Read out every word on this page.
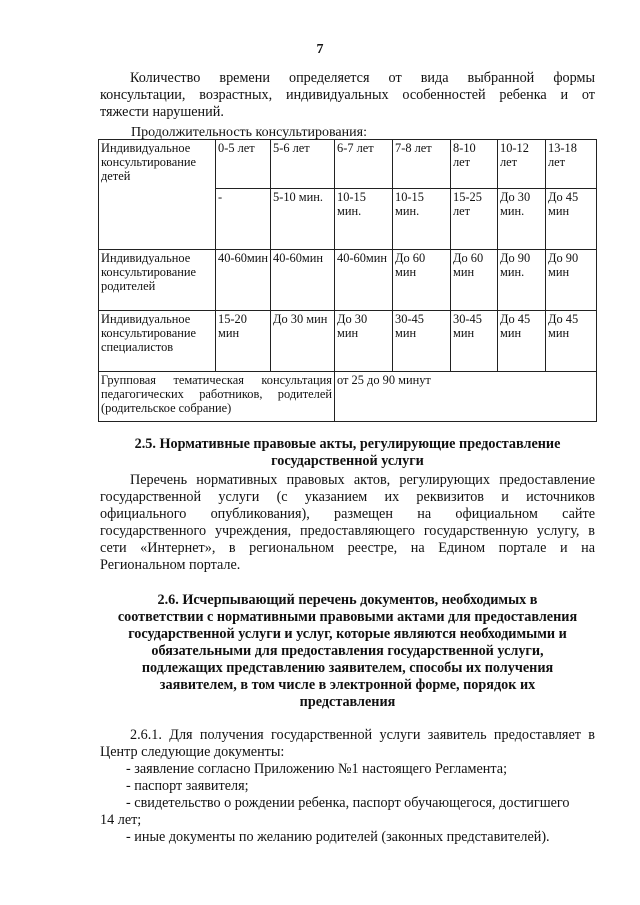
7
Количество времени определяется от вида выбранной формы
консультации, возрастных, индивидуальных особенностей ребенка и от
тяжести нарушений.
Продолжительность консультирования:
Индивидуальное консультирование детей	0-5 лет	5-6 лет	6-7 лет	7-8 лет	8-10 лет	10-12 лет	13-18 лет
	-	5-10 мин.	10-15 мин.	10-15 мин.	15-25 лет	До 30 мин.	До 45 мин
Индивидуальное консультирование родителей	40-60мин	40-60мин	40-60мин	До 60 мин	До 60 мин	До 90 мин.	До 90 мин
Индивидуальное консультирование специалистов	15-20 мин	До 30 мин	До 30 мин	30-45 мин	30-45 мин	До 45 мин	До 45 мин

Групповая тематическая консультация
педагогических работников, родителей
(родительское собрание)			от 25 до 90 минут				
2.5. Нормативные правовые акты, регулирующие предоставление
государственной услуги
Перечень нормативных правовых актов, регулирующих предоставление
государственной услуги (с указанием их реквизитов и источников
официального опубликования), размещен на официальном сайте
государственного учреждения, предоставляющего государственную услугу, в
сети «Интернет», в региональном реестре, на Едином портале и на
Региональном портале.
2.6. Исчерпывающий перечень документов, необходимых в
соответствии с нормативными правовыми актами для предоставления
государственной услуги и услуг, которые являются необходимыми и
обязательными для предоставления государственной услуги,
подлежащих представлению заявителем, способы их получения
заявителем, в том числе в электронной форме, порядок их
представления
2.6.1. Для получения государственной услуги заявитель предоставляет в
Центр следующие документы:
- заявление согласно Приложению №1 настоящего Регламента;
- паспорт заявителя;
- свидетельство о рождении ребенка, паспорт обучающегося, достигшего
14 лет;
- иные документы по желанию родителей (законных представителей).
